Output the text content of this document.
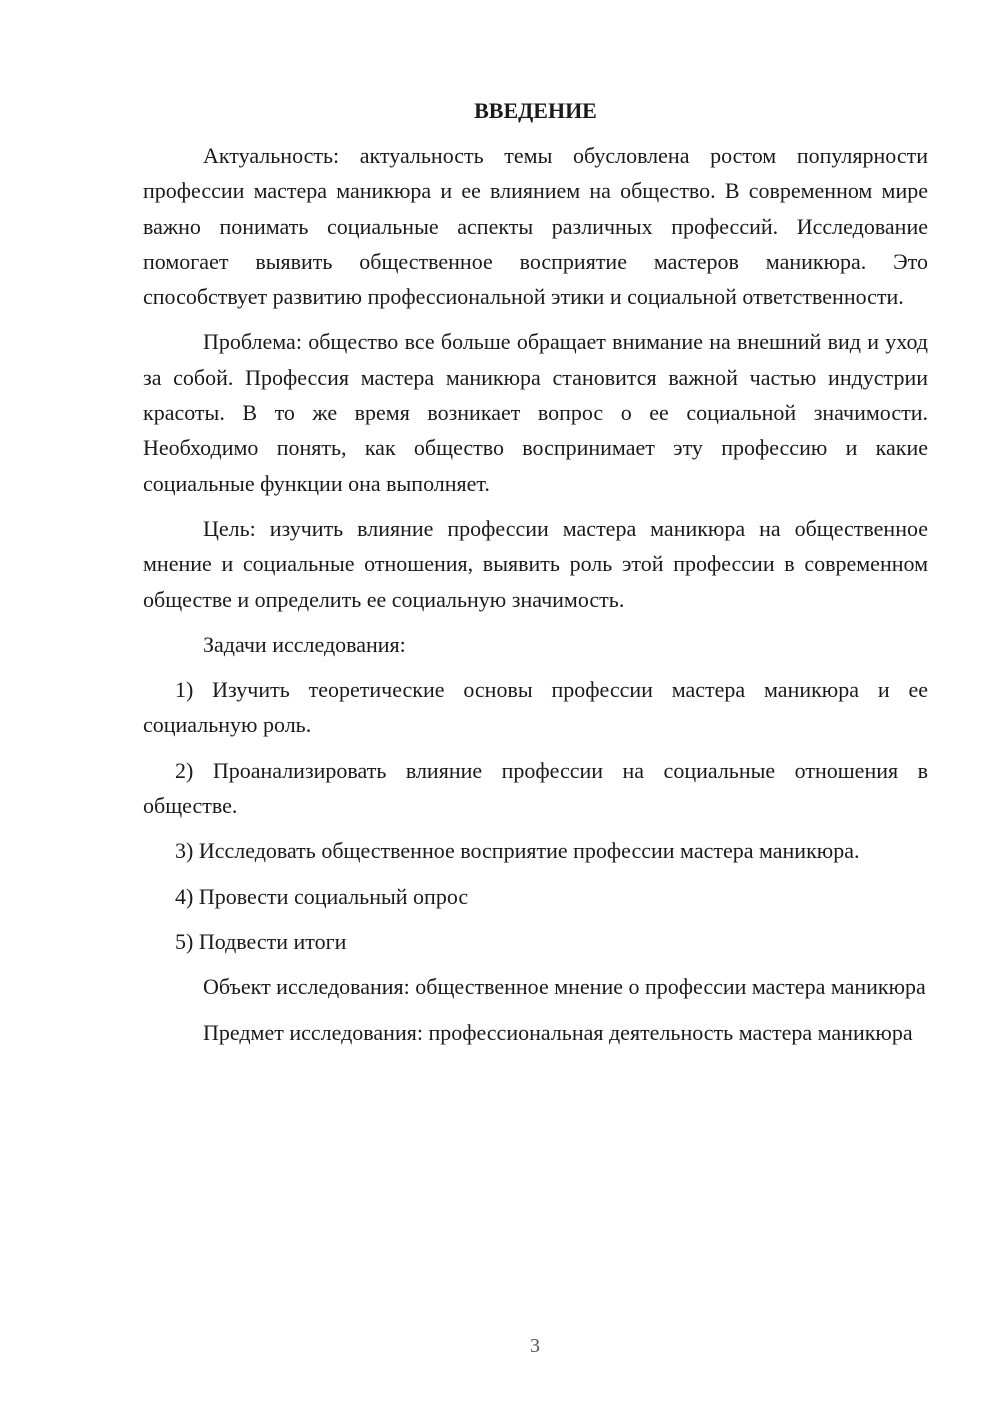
ВВЕДЕНИЕ

Актуальность: актуальность темы обусловлена ростом популярности профессии мастера маникюра и ее влиянием на общество. В современном мире важно понимать социальные аспекты различных профессий. Исследование помогает выявить общественное восприятие мастеров маникюра. Это способствует развитию профессиональной этики и социальной ответственности.

Проблема: общество все больше обращает внимание на внешний вид и уход за собой. Профессия мастера маникюра становится важной частью индустрии красоты. В то же время возникает вопрос о ее социальной значимости. Необходимо понять, как общество воспринимает эту профессию и какие социальные функции она выполняет.

Цель: изучить влияние профессии мастера маникюра на общественное мнение и социальные отношения, выявить роль этой профессии в современном обществе и определить ее социальную значимость.

Задачи исследования:

1) Изучить теоретические основы профессии мастера маникюра и ее социальную роль.

2) Проанализировать влияние профессии на социальные отношения в обществе.

3) Исследовать общественное восприятие профессии мастера маникюра.

4) Провести социальный опрос

5) Подвести итоги

Объект исследования: общественное мнение о профессии мастера маникюра

Предмет исследования: профессиональная деятельность мастера маникюра

3
